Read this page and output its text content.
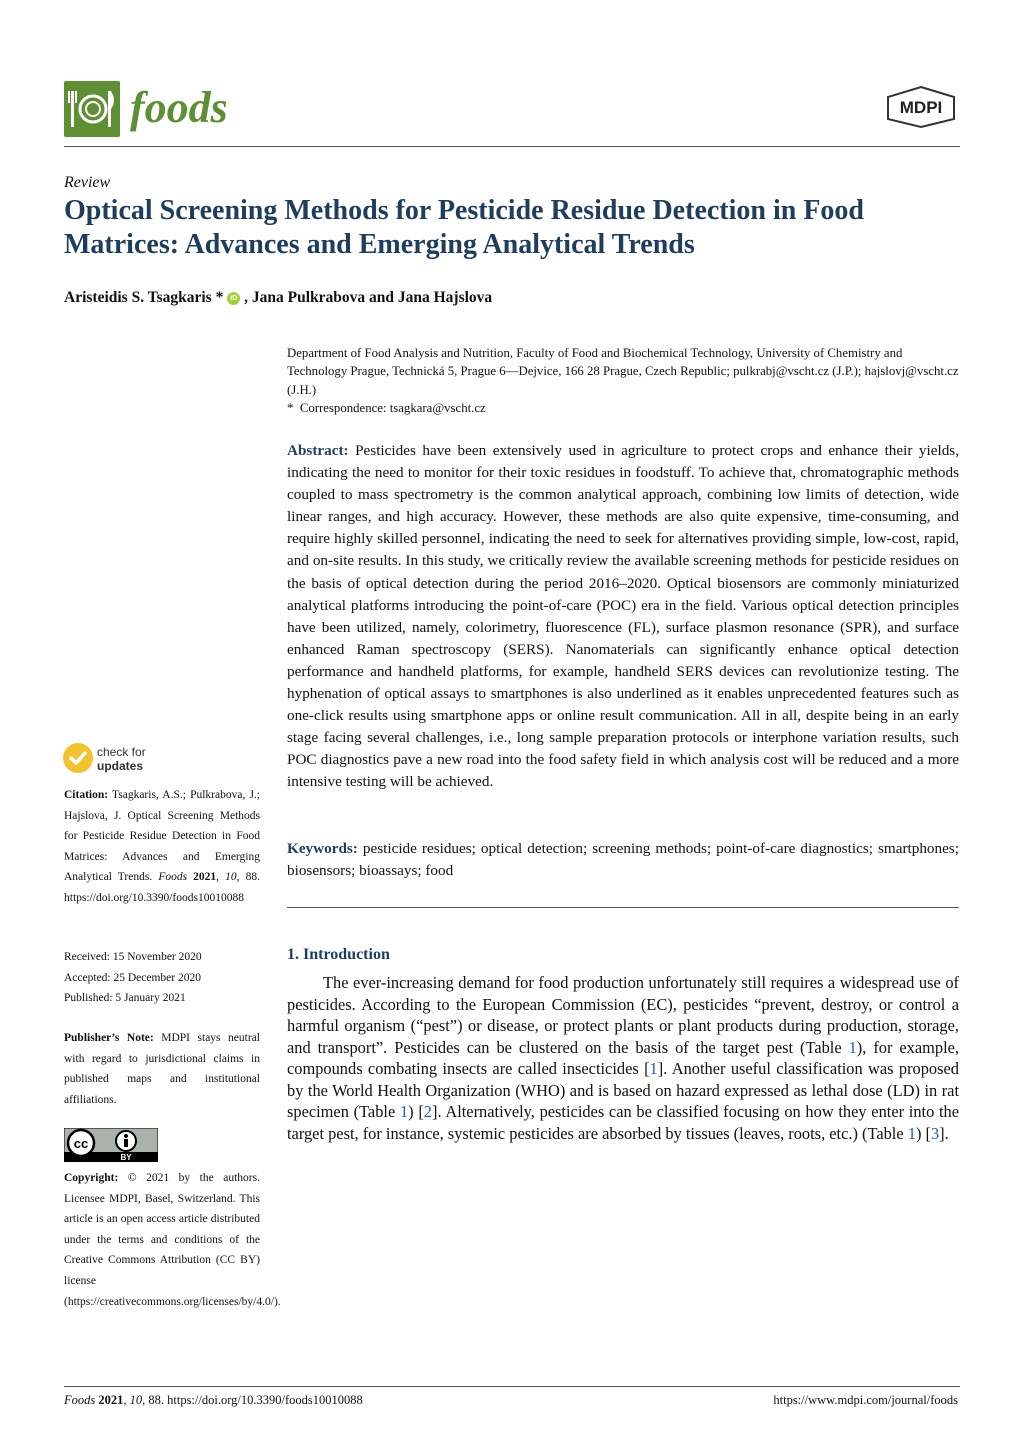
foods	MDPI
Review
Optical Screening Methods for Pesticide Residue Detection in Food Matrices: Advances and Emerging Analytical Trends
Aristeidis S. Tsagkaris * iD , Jana Pulkrabova and Jana Hajslova
Department of Food Analysis and Nutrition, Faculty of Food and Biochemical Technology, University of Chemistry and Technology Prague, Technická 5, Prague 6—Dejvice, 166 28 Prague, Czech Republic; pulkrabj@vscht.cz (J.P.); hajslovj@vscht.cz (J.H.)
* Correspondence: tsagkara@vscht.cz
Abstract: Pesticides have been extensively used in agriculture to protect crops and enhance their yields, indicating the need to monitor for their toxic residues in foodstuff. To achieve that, chromatographic methods coupled to mass spectrometry is the common analytical approach, combining low limits of detection, wide linear ranges, and high accuracy. However, these methods are also quite expensive, time-consuming, and require highly skilled personnel, indicating the need to seek for alternatives providing simple, low-cost, rapid, and on-site results. In this study, we critically review the available screening methods for pesticide residues on the basis of optical detection during the period 2016–2020. Optical biosensors are commonly miniaturized analytical platforms introducing the point-of-care (POC) era in the field. Various optical detection principles have been utilized, namely, colorimetry, fluorescence (FL), surface plasmon resonance (SPR), and surface enhanced Raman spectroscopy (SERS). Nanomaterials can significantly enhance optical detection performance and handheld platforms, for example, handheld SERS devices can revolutionize testing. The hyphenation of optical assays to smartphones is also underlined as it enables unprecedented features such as one-click results using smartphone apps or online result communication. All in all, despite being in an early stage facing several challenges, i.e., long sample preparation protocols or interphone variation results, such POC diagnostics pave a new road into the food safety field in which analysis cost will be reduced and a more intensive testing will be achieved.
Keywords: pesticide residues; optical detection; screening methods; point-of-care diagnostics; smartphones; biosensors; bioassays; food
1. Introduction
The ever-increasing demand for food production unfortunately still requires a widespread use of pesticides. According to the European Commission (EC), pesticides “prevent, destroy, or control a harmful organism (“pest”) or disease, or protect plants or plant products during production, storage, and transport”. Pesticides can be clustered on the basis of the target pest (Table 1), for example, compounds combating insects are called insecticides [1]. Another useful classification was proposed by the World Health Organization (WHO) and is based on hazard expressed as lethal dose (LD) in rat specimen (Table 1) [2]. Alternatively, pesticides can be classified focusing on how they enter into the target pest, for instance, systemic pesticides are absorbed by tissues (leaves, roots, etc.) (Table 1) [3].
check for
updates
Citation: Tsagkaris, A.S.; Pulkrabova, J.; Hajslova, J. Optical Screening Methods for Pesticide Residue Detection in Food Matrices: Advances and Emerging Analytical Trends. Foods 2021, 10, 88. https://doi.org/10.3390/foods10010088
Received: 15 November 2020
Accepted: 25 December 2020
Published: 5 January 2021
Publisher’s Note: MDPI stays neutral with regard to jurisdictional claims in published maps and institutional affiliations.
cc
BY
Copyright: © 2021 by the authors. Licensee MDPI, Basel, Switzerland. This article is an open access article distributed under the terms and conditions of the Creative Commons Attribution (CC BY) license (https://creativecommons.org/licenses/by/4.0/).
Foods 2021, 10, 88. https://doi.org/10.3390/foods10010088	https://www.mdpi.com/journal/foods
